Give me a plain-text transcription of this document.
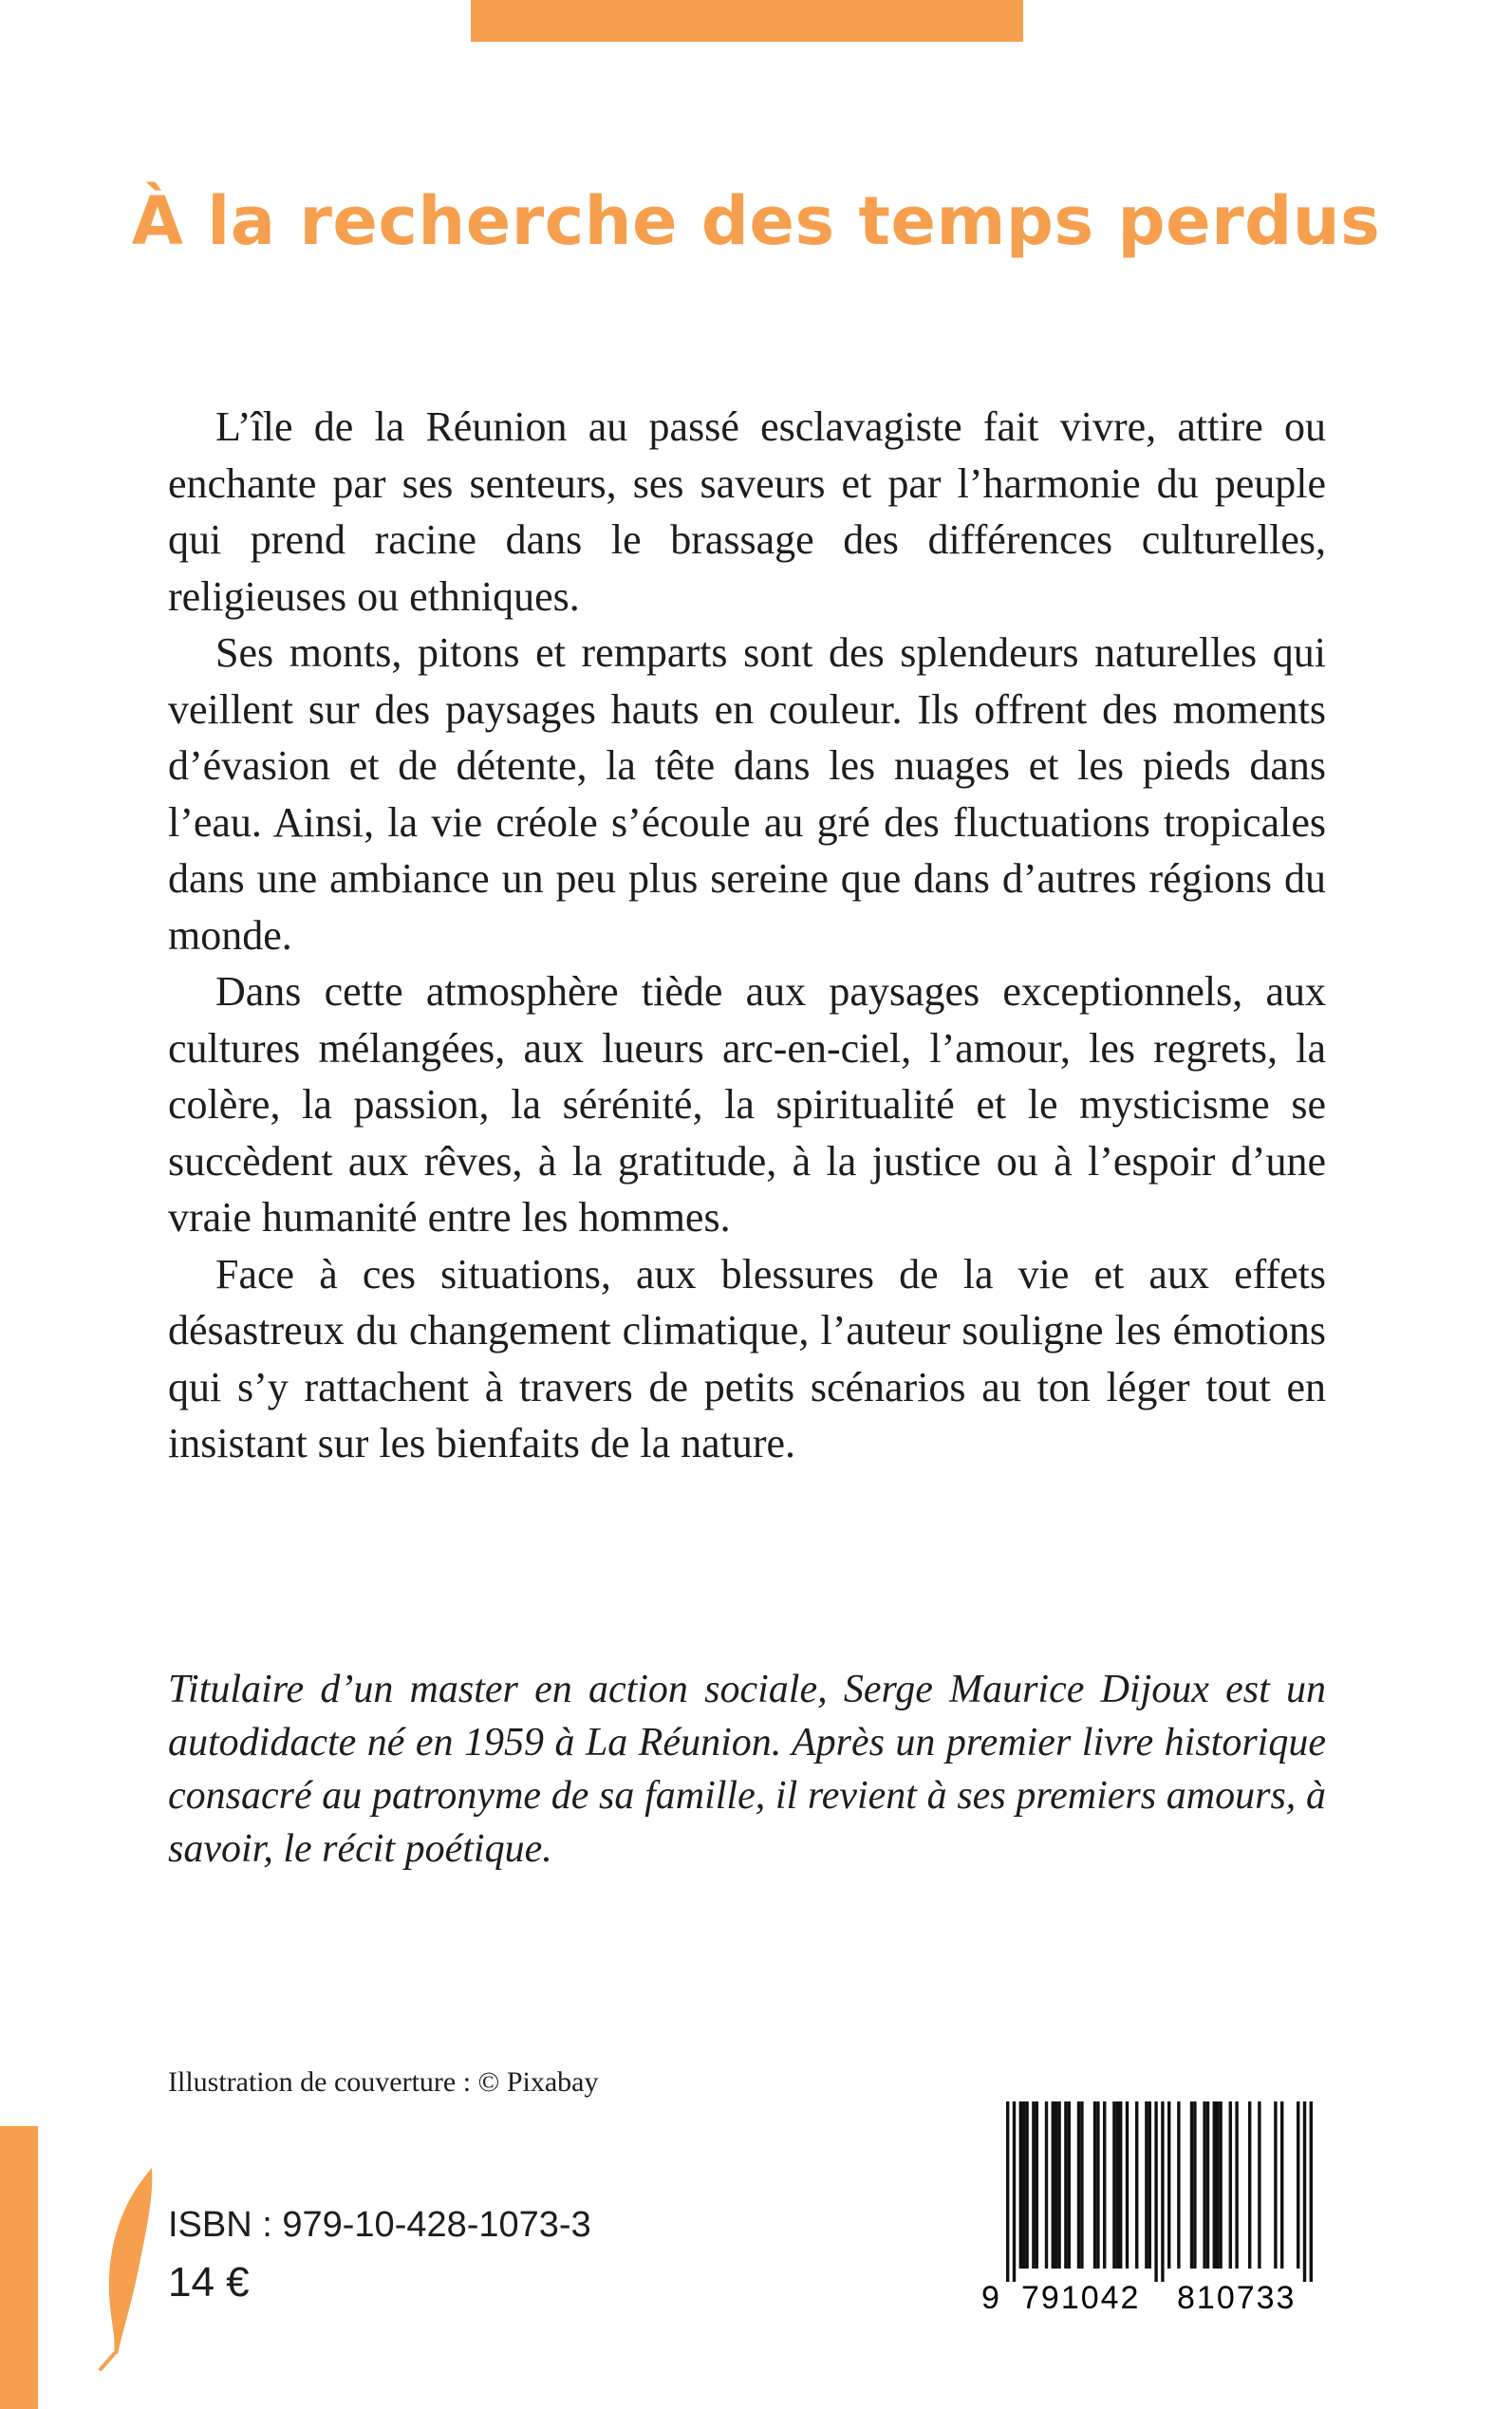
À la recherche des temps perdus

L’île de la Réunion au passé esclavagiste fait vivre, attire ou enchante par ses senteurs, ses saveurs et par l’harmonie du peuple qui prend racine dans le brassage des différences culturelles, religieuses ou ethniques.

Ses monts, pitons et remparts sont des splendeurs naturelles qui veillent sur des paysages hauts en couleur. Ils offrent des moments d’évasion et de détente, la tête dans les nuages et les pieds dans l’eau. Ainsi, la vie créole s’écoule au gré des fluctuations tropicales dans une ambiance un peu plus sereine que dans d’autres régions du monde.

Dans cette atmosphère tiède aux paysages exceptionnels, aux cultures mélangées, aux lueurs arc-en-ciel, l’amour, les regrets, la colère, la passion, la sérénité, la spiritualité et le mysticisme se succèdent aux rêves, à la gratitude, à la justice ou à l’espoir d’une vraie humanité entre les hommes.

Face à ces situations, aux blessures de la vie et aux effets désastreux du changement climatique, l’auteur souligne les émotions qui s’y rattachent à travers de petits scénarios au ton léger tout en insistant sur les bienfaits de la nature.

Titulaire d’un master en action sociale, Serge Maurice Dijoux est un autodidacte né en 1959 à La Réunion. Après un premier livre historique consacré au patronyme de sa famille, il revient à ses premiers amours, à savoir, le récit poétique.

Illustration de couverture : © Pixabay

ISBN : 979-10-428-1073-3

14 €	9 791042 810733
